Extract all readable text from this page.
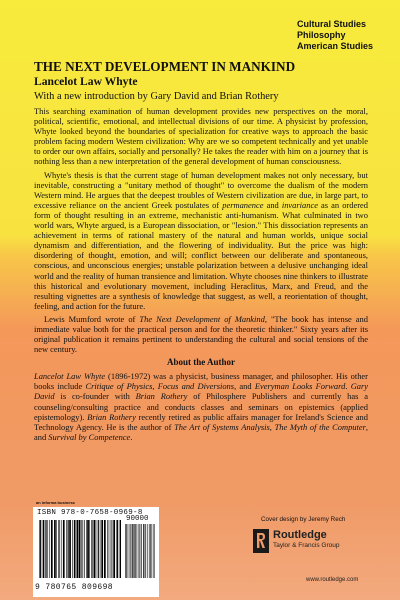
Cultural Studies
Philosophy
American Studies
THE NEXT DEVELOPMENT IN MANKIND
Lancelot Law Whyte

With a new introduction by Gary David and Brian Rothery

This searching examination of human development provides new perspectives on the moral, political, scientific, emotional, and intellectual divisions of our time. A physicist by profession, Whyte looked beyond the boundaries of specialization for creative ways to approach the basic problem facing modern Western civilization: Why are we so competent technically and yet unable to order our own affairs, socially and personally? He takes the reader with him on a journey that is nothing less than a new interpretation of the general development of human consciousness.

Whyte's thesis is that the current stage of human development makes not only necessary, but inevitable, constructing a "unitary method of thought" to overcome the dualism of the modern Western mind. He argues that the deepest troubles of Western civilization are due, in large part, to excessive reliance on the ancient Greek postulates of permanence and invariance as an ordered form of thought resulting in an extreme, mechanistic anti-humanism. What culminated in two world wars, Whyte argued, is a European dissociation, or "lesion." This dissociation represents an achievement in terms of rational mastery of the natural and human worlds, unique social dynamism and differentiation, and the flowering of individuality. But the price was high: disordering of thought, emotion, and will; conflict between our deliberate and spontaneous, conscious, and unconscious energies; unstable polarization between a delusive unchanging ideal world and the reality of human transience and limitation. Whyte chooses nine thinkers to illustrate this historical and evolutionary movement, including Heraclitus, Marx, and Freud, and the resulting vignettes are a synthesis of knowledge that suggest, as well, a reorientation of thought, feeling, and action for the future.

Lewis Mumford wrote of The Next Development of Mankind, "The book has intense and immediate value both for the practical person and for the theoretic thinker." Sixty years after its original publication it remains pertinent to understanding the cultural and social tensions of the new century.

About the Author

Lancelot Law Whyte (1896-1972) was a physicist, business manager, and philosopher. His other books include Critique of Physics, Focus and Diversions, and Everyman Looks Forward. Gary David is co-founder with Brian Rothery of Philosphere Publishers and currently has a counseling/consulting practice and conducts classes and seminars on epistemics (applied epistemology). Brian Rothery recently retired as public affairs manager for Ireland's Science and Technology Agency. He is the author of The Art of Systems Analysis, The Myth of the Computer, and Survival by Competence.

an informa business
ISBN 978-0-7658-0969-8
90000
9 780765 809698
Cover design by Jeremy Rech
Routledge
Taylor & Francis Group
www.routledge.com
